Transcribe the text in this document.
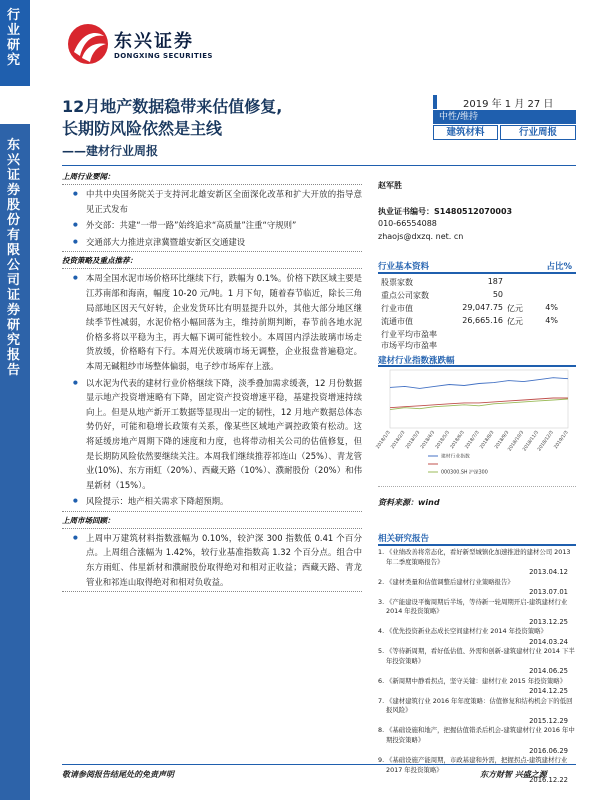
行业研究
东兴证券股份有限公司证券研究报告
东兴证券
DONGXING SECURITIES
12月地产数据稳带来估值修复,
长期防风险依然是主线
——建材行业周报
2019 年 1 月 27 日
中性/维持
建筑材料	行业周报
上周行业要闻：
● 中共中央国务院关于支持河北雄安新区全面深化改革和扩大开放的指导意见正式发布
● 外交部：共建“一带一路”始终追求“高质量”注重“守规则”
● 交通部大力推进京津冀暨雄安新区交通建设
投资策略及重点推荐：
● 本周全国水泥市场价格环比继续下行，跌幅为 0.1%。价格下跌区域主要是江苏南部和海南，幅度 10-20 元/吨。1 月下旬，随着春节临近，除长三角局部地区因天气好转，企业发货环比有明显提升以外，其他大部分地区继续季节性减弱，水泥价格小幅回落为主，维持前期判断，春节前各地水泥价格多将以平稳为主，再大幅下调可能性较小。本周国内浮法玻璃市场走货放缓，价格略有下行。本周光伏玻璃市场无调整，企业报盘普遍稳定。本周无碱粗纱市场整体偏弱，电子纱市场库存上涨。
● 以水泥为代表的建材行业价格继续下降，淡季叠加需求缓袭，12 月份数据显示地产投资增速略有下降，固定资产投资增速平稳，基建投资增速持续向上。但是从地产新开工数据等显现出一定的韧性，12 月地产数据总体态势仍好，可能和稳增长政策有关系，像某些区域地产调控政策有松动。这将延缓房地产周期下降的速度和力度，也将带动相关公司的估值修复，但是长期防风险依然要继续关注。本周我们继续推荐祁连山（25%）、青龙管业(10%)、东方雨虹（20%）、西藏天路（10%）、濮耐股份（20%）和伟星新材（15%）。
● 风险提示：地产相关需求下降超预期。
上周市场回顾：
● 上周申万建筑材料指数涨幅为 0.10%，较沪深 300 指数低 0.41 个百分点。上周组合涨幅为 1.42%，较行业基准指数高 1.32 个百分点。组合中东方雨虹、伟星新材和濮耐股份取得绝对和相对正收益；西藏天路、青龙管业和祁连山取得绝对和相对负收益。
赵军胜
执业证书编号：S1480512070003
010-66554088
zhaojs@dxzq. net. cn
行业基本资料	占比%
股票家数	187
重点公司家数	50
行业市值	29,047.75 亿元	4%
流通市值	26,665.16 亿元	4%
行业平均市盈率
市场平均市盈率
建材行业指数涨跌幅
2018/1/3
2018/2/3
2018/3/3
2018/4/3
2018/5/3
2018/6/3
2018/7/3
2018/8/3
2018/9/3
2018/10/3
2018/11/3
2018/12/3
2019/1/3
建材行业指数
000300.SH 沪深300
资料来源：wind
相关研究报告
1. 《业绩改善将常态化，看好新型城镇化加速推进的建材公司 2013 年二季度策略报告》
2013.04.12
2. 《建材类量和估值调整后建材行业策略报告》
2013.07.01
3. 《产能建设平衡周期后半场，等待新一轮周期开启-建筑建材行业 2014 年投资策略》
2013.12.25
4. 《优先投资新业态成长空间建材行业 2014 年投资策略》
2014.03.24
5. 《等待新周期，看好低估值、外需和创新-建筑建材行业 2014 下半年投资策略》
2014.06.25
6. 《新周期中静看拐点，坚守关键：建材行业 2015 年投资策略》
2014.12.25
7. 《建材建筑行业 2016 年年度策略：估值修复和结构机会下的低回报风险》
2015.12.29
8. 《基础设施和地产，把握估值错杀后机会-建筑建材行业 2016 年中期投资策略》
2016.06.29
9. 《基础设施产能周期，市政基建和外需，把握拐点-建筑建材行业 2017 年投资策略》
2016.12.22
敬请参阅报告结尾处的免责声明	东方财智 兴盛之源
